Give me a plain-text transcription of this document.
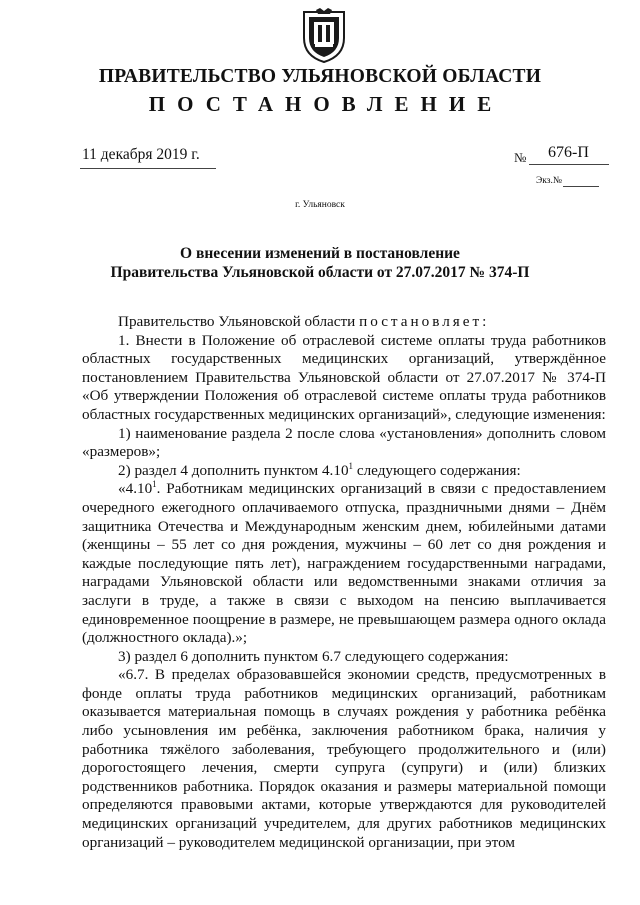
ПРАВИТЕЛЬСТВО УЛЬЯНОВСКОЙ ОБЛАСТИ
ПОСТАНОВЛЕНИЕ
11 декабря 2019 г.	№ 676-П
Экз.№
г. Ульяновск
О внесении изменений в постановление
Правительства Ульяновской области от 27.07.2017 № 374-П

Правительство Ульяновской области постановляет:

1. Внести в Положение об отраслевой системе оплаты труда работников областных государственных медицинских организаций, утверждённое постановлением Правительства Ульяновской области от 27.07.2017 № 374-П «Об утверждении Положения об отраслевой системе оплаты труда работников областных государственных медицинских организаций», следующие изменения:

1) наименование раздела 2 после слова «установления» дополнить словом «размеров»;

2) раздел 4 дополнить пунктом 4.10$^1$ следующего содержания:

«4.10$^1$. Работникам медицинских организаций в связи с предоставлением очередного ежегодного оплачиваемого отпуска, праздничными днями – Днём защитника Отечества и Международным женским днем, юбилейными датами (женщины – 55 лет со дня рождения, мужчины – 60 лет со дня рождения и каждые последующие пять лет), награждением государственными наградами, наградами Ульяновской области или ведомственными знаками отличия за заслуги в труде, а также в связи с выходом на пенсию выплачивается единовременное поощрение в размере, не превышающем размера одного оклада (должностного оклада).»;

3) раздел 6 дополнить пунктом 6.7 следующего содержания:

«6.7. В пределах образовавшейся экономии средств, предусмотренных в фонде оплаты труда работников медицинских организаций, работникам оказывается материальная помощь в случаях рождения у работника ребёнка либо усыновления им ребёнка, заключения работником брака, наличия у работника тяжёлого заболевания, требующего продолжительного и (или) дорогостоящего лечения, смерти супруга (супруги) и (или) близких родственников работника. Порядок оказания и размеры материальной помощи определяются правовыми актами, которые утверждаются для руководителей медицинских организаций учредителем, для других работников медицинских организаций – руководителем медицинской организации, при этом
